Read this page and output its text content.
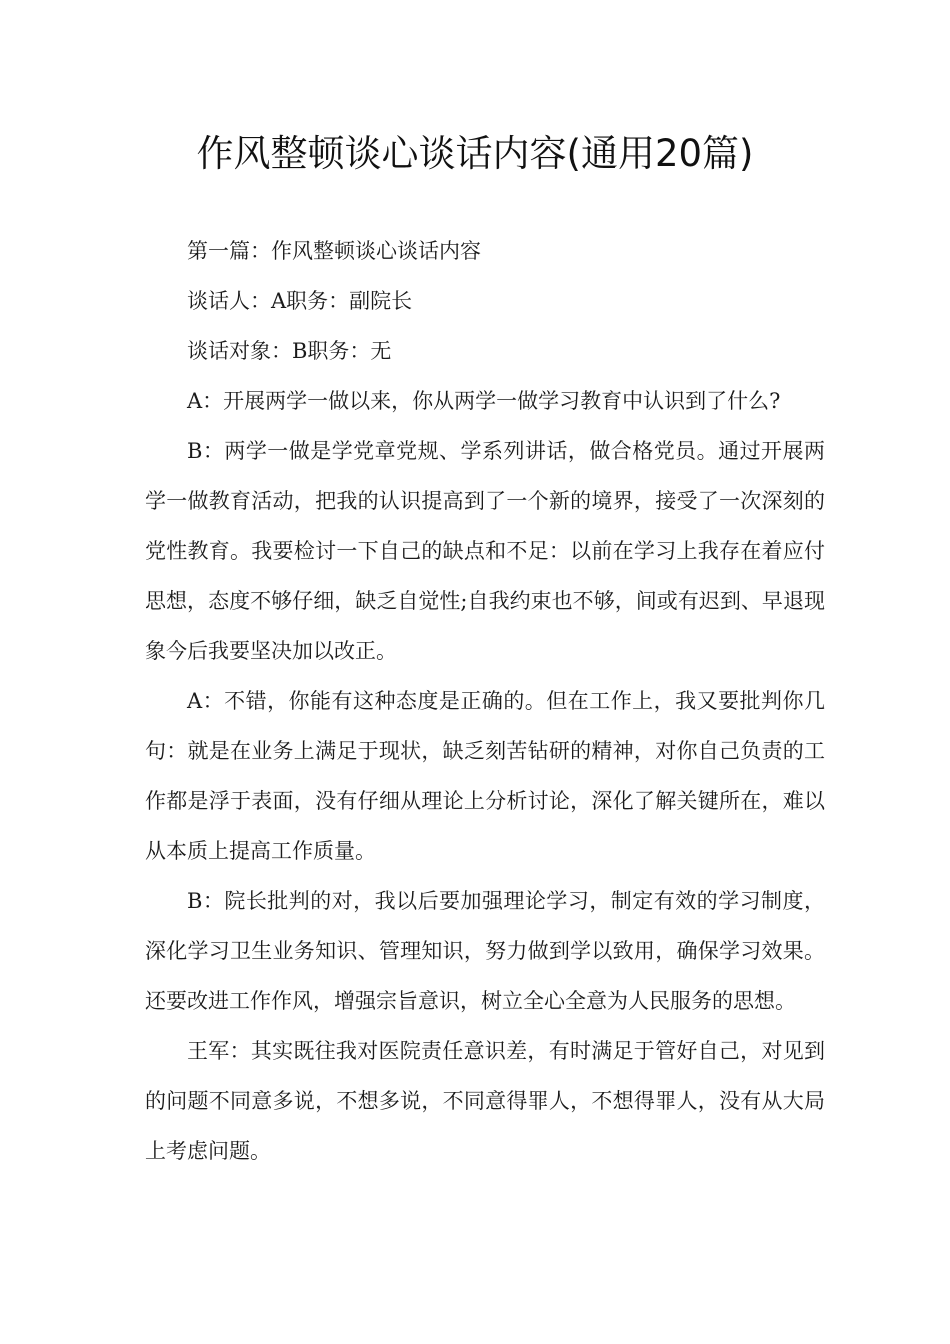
作风整顿谈心谈话内容(通用20篇)

第一篇：作风整顿谈心谈话内容

谈话人：A职务：副院长

谈话对象：B职务：无

A：开展两学一做以来，你从两学一做学习教育中认识到了什么?

B：两学一做是学党章党规、学系列讲话，做合格党员。通过开展两学一做教育活动，把我的认识提高到了一个新的境界，接受了一次深刻的党性教育。我要检讨一下自己的缺点和不足：以前在学习上我存在着应付思想，态度不够仔细，缺乏自觉性;自我约束也不够，间或有迟到、早退现象今后我要坚决加以改正。

A：不错，你能有这种态度是正确的。但在工作上，我又要批判你几句：就是在业务上满足于现状，缺乏刻苦钻研的精神，对你自己负责的工作都是浮于表面，没有仔细从理论上分析讨论，深化了解关键所在，难以从本质上提高工作质量。

B：院长批判的对，我以后要加强理论学习，制定有效的学习制度，深化学习卫生业务知识、管理知识，努力做到学以致用，确保学习效果。还要改进工作作风，增强宗旨意识，树立全心全意为人民服务的思想。

王军：其实既往我对医院责任意识差，有时满足于管好自己，对见到的问题不同意多说，不想多说，不同意得罪人，不想得罪人，没有从大局上考虑问题。
